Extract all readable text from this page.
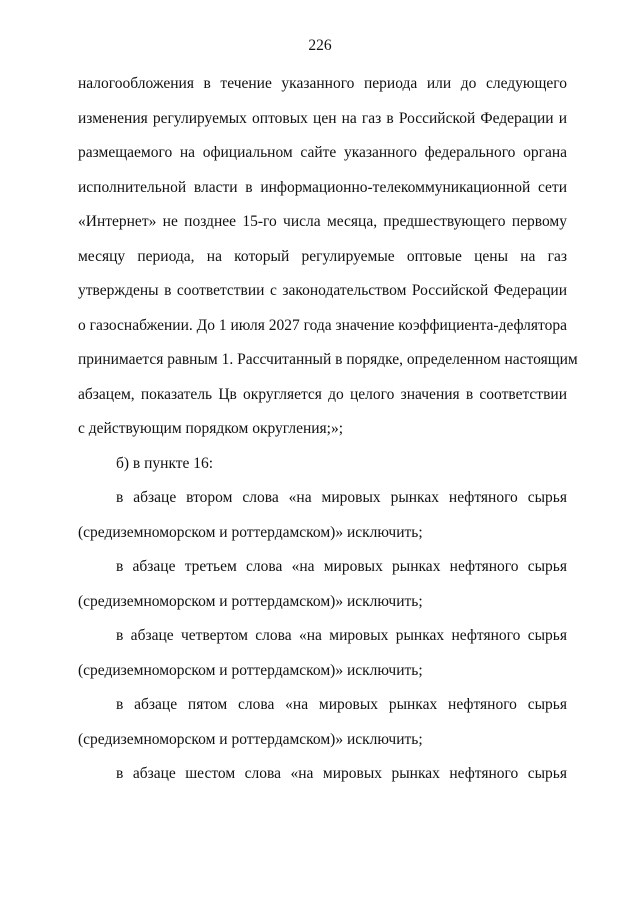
226
налогообложения в течение указанного периода или до следующего
изменения регулируемых оптовых цен на газ в Российской Федерации и
размещаемого на официальном сайте указанного федерального органа
исполнительной власти в информационно-телекоммуникационной сети
«Интернет» не позднее 15-го числа месяца, предшествующего первому
месяцу периода, на который регулируемые оптовые цены на газ
утверждены в соответствии с законодательством Российской Федерации
о газоснабжении. До 1 июля 2027 года значение коэффициента-дефлятора
принимается равным 1. Рассчитанный в порядке, определенном настоящим
абзацем, показатель Цв округляется до целого значения в соответствии
с действующим порядком округления;»;
б) в пункте 16:
в абзаце втором слова «на мировых рынках нефтяного сырья
(средиземноморском и роттердамском)» исключить;
в абзаце третьем слова «на мировых рынках нефтяного сырья
(средиземноморском и роттердамском)» исключить;
в абзаце четвертом слова «на мировых рынках нефтяного сырья
(средиземноморском и роттердамском)» исключить;
в абзаце пятом слова «на мировых рынках нефтяного сырья
(средиземноморском и роттердамском)» исключить;
в абзаце шестом слова «на мировых рынках нефтяного сырья
